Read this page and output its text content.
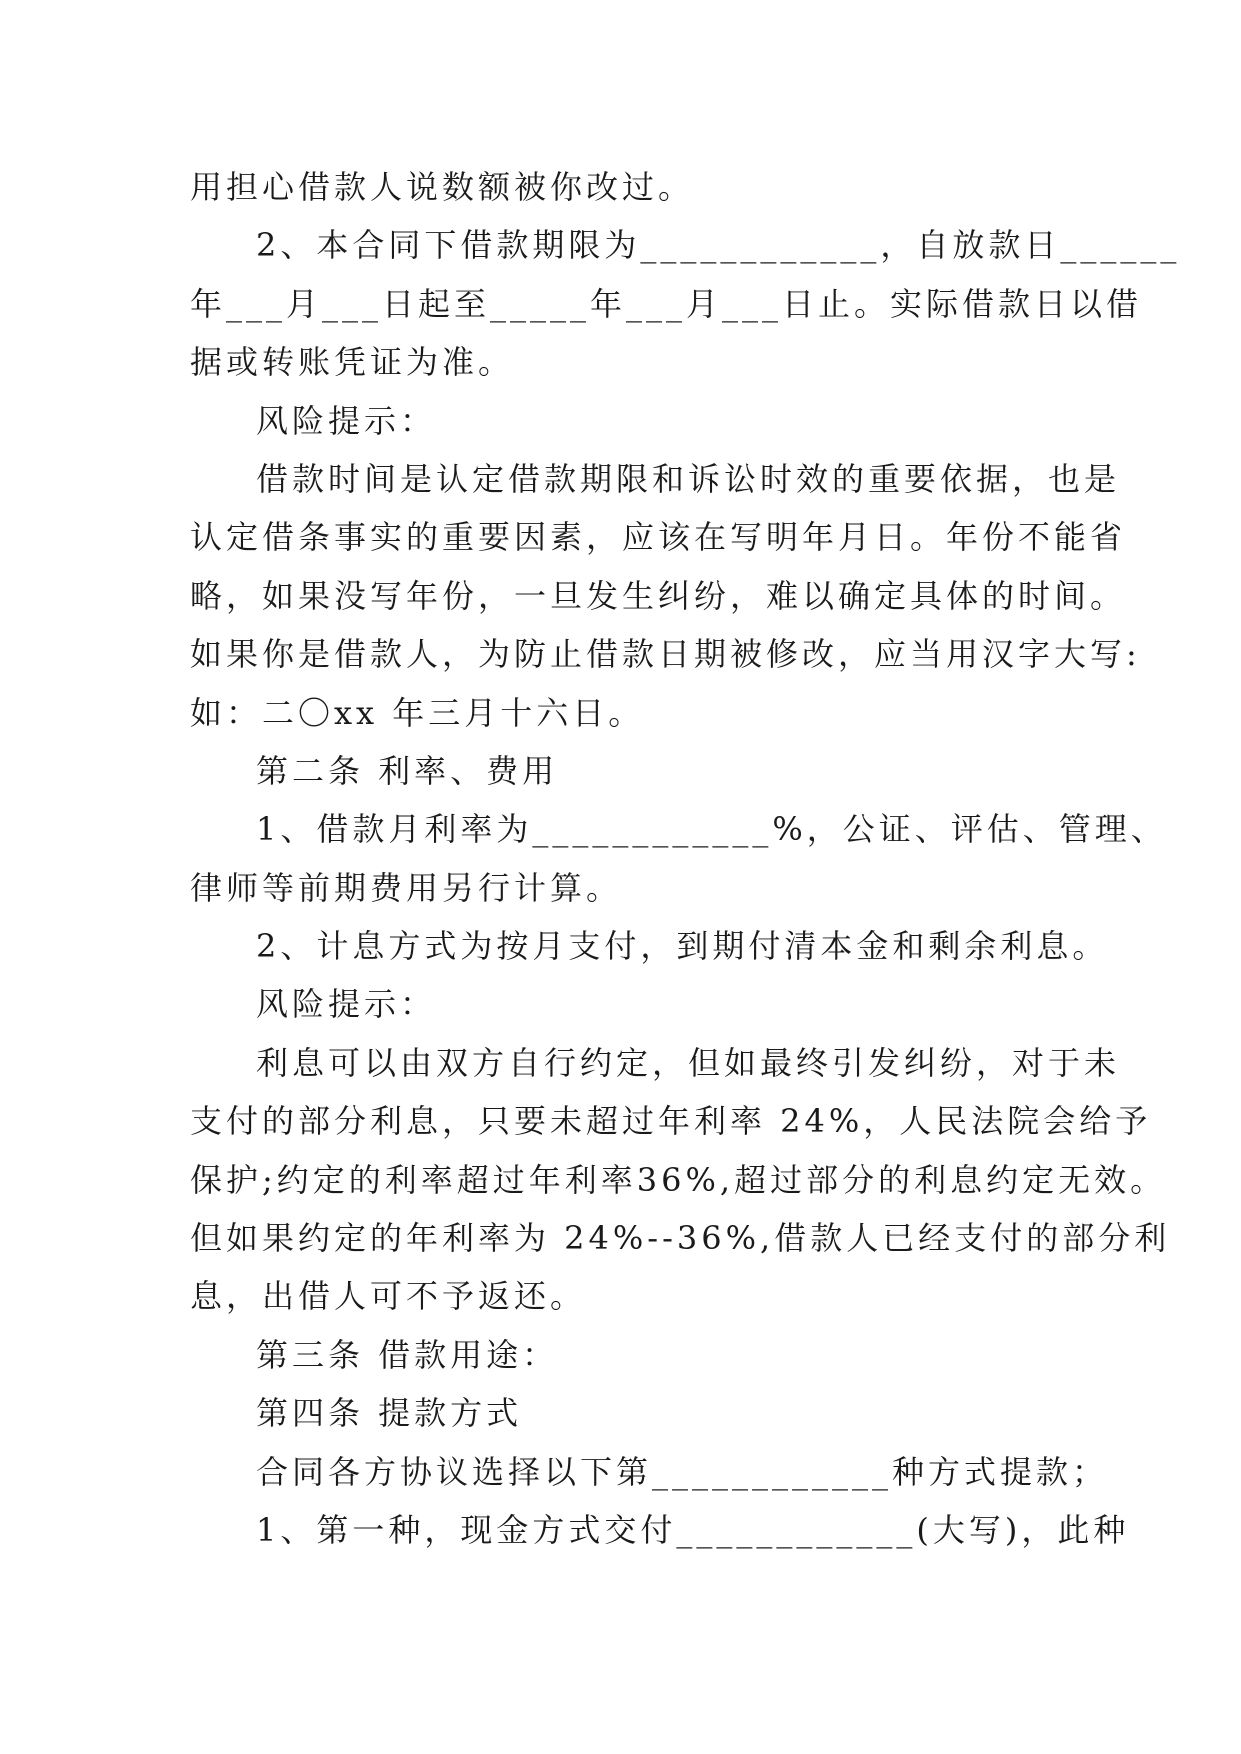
用担心借款人说数额被你改过。
2、本合同下借款期限为____________，自放款日______
年___月___日起至_____年___月___日止。实际借款日以借
据或转账凭证为准。
风险提示：
借款时间是认定借款期限和诉讼时效的重要依据，也是
认定借条事实的重要因素，应该在写明年月日。年份不能省
略，如果没写年份，一旦发生纠纷，难以确定具体的时间。
如果你是借款人，为防止借款日期被修改，应当用汉字大写:
如：二〇xx 年三月十六日。
第二条 利率、费用
1、借款月利率为____________%，公证、评估、管理、
律师等前期费用另行计算。
2、计息方式为按月支付，到期付清本金和剩余利息。
风险提示：
利息可以由双方自行约定，但如最终引发纠纷，对于未
支付的部分利息，只要未超过年利率 24%，人民法院会给予
保护;约定的利率超过年利率36%,超过部分的利息约定无效。
但如果约定的年利率为 24%--36%,借款人已经支付的部分利
息，出借人可不予返还。
第三条 借款用途：
第四条 提款方式
合同各方协议选择以下第____________种方式提款；
1、第一种，现金方式交付____________(大写)，此种
